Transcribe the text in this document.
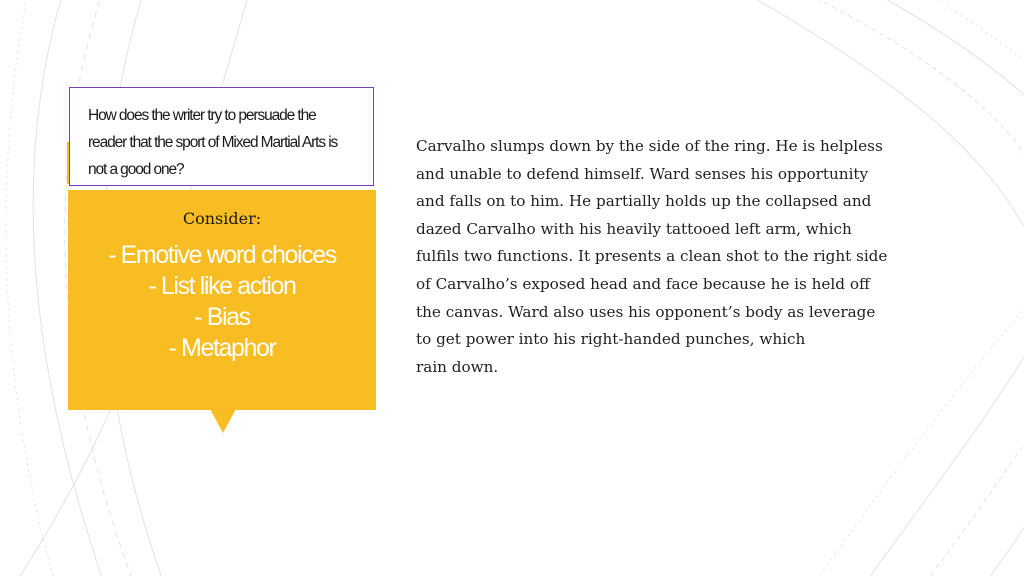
How does the writer try to persuade the reader that the sport of Mixed Martial Arts is not a good one?
Consider:
- Emotive word choices
- List like action
- Bias
- Metaphor

Carvalho slumps down by the side of the ring. He is helpless
and unable to defend himself. Ward senses his opportunity
and falls on to him. He partially holds up the collapsed and
dazed Carvalho with his heavily tattooed left arm, which
fulfils two functions. It presents a clean shot to the right side
of Carvalho’s exposed head and face because he is held off
the canvas. Ward also uses his opponent’s body as leverage
to get power into his right-handed punches, which
rain down.
